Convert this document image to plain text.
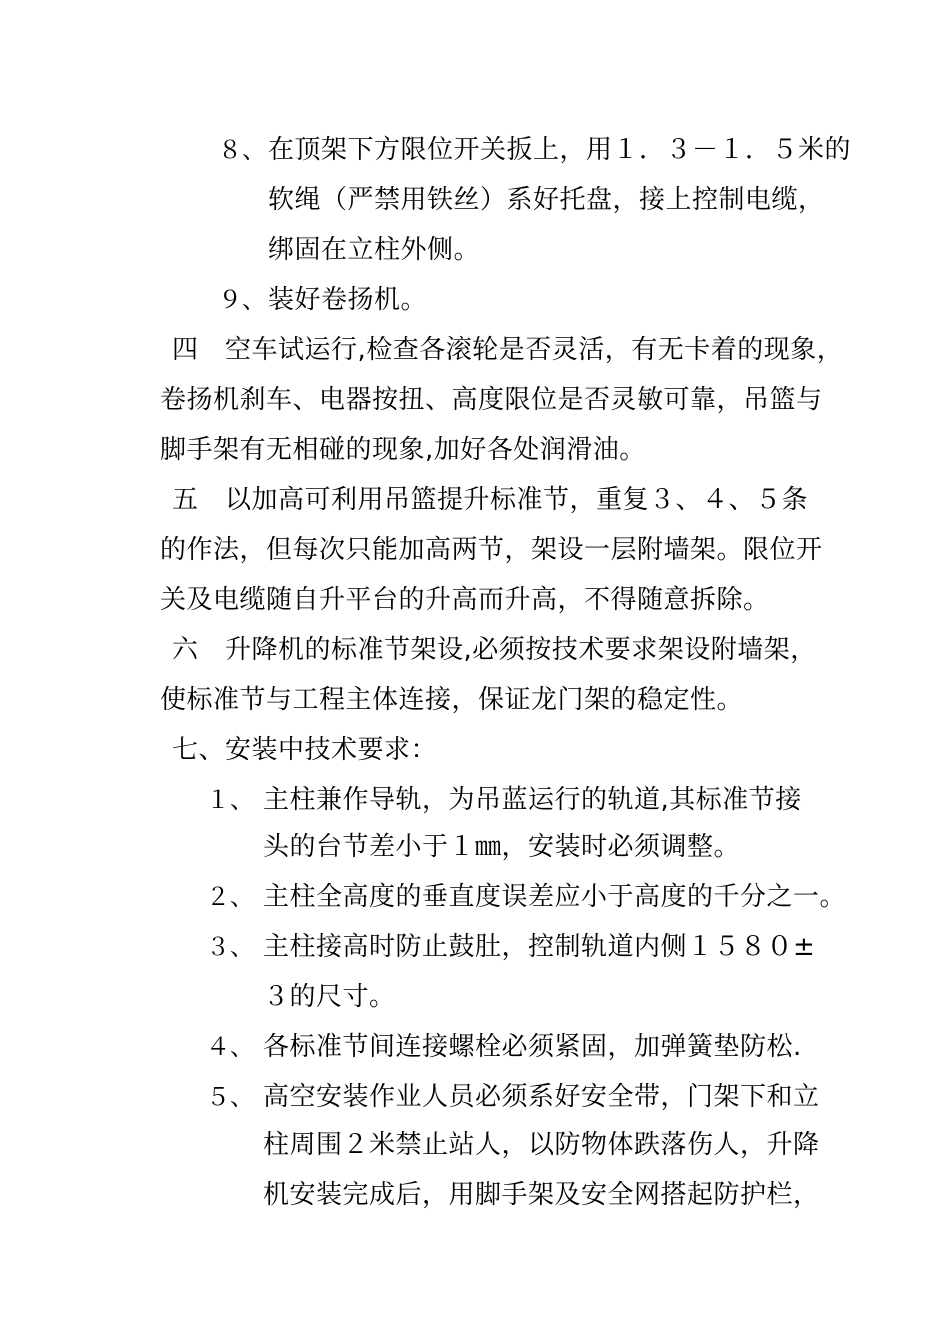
８、 在顶架下方限位开关扳上，用１．３－１．５米的
软绳（严禁用铁丝）系好托盘，接上控制电缆，
绑固在立柱外侧。
９、 装好卷扬机。
四　空车试运行,检查各滚轮是否灵活，有无卡着的现象，
卷扬机刹车、电器按扭、高度限位是否灵敏可靠，吊篮与
脚手架有无相碰的现象,加好各处润滑油。
五　以加高可利用吊篮提升标准节，重复３、４、５条
的作法，但每次只能加高两节，架设一层附墙架。限位开
关及电缆随自升平台的升高而升高，不得随意拆除。
六　升降机的标准节架设,必须按技术要求架设附墙架，
使标准节与工程主体连接，保证龙门架的稳定性。
七、安装中技术要求：
１、 主柱兼作导轨，为吊蓝运行的轨道,其标准节接
头的台节差小于１㎜，安装时必须调整。
２、 主柱全高度的垂直度误差应小于高度的千分之一。
３、 主柱接高时防止鼓肚，控制轨道内侧１５８０±
３的尺寸。
４、 各标准节间连接螺栓必须紧固，加弹簧垫防松.
５、 高空安装作业人员必须系好安全带，门架下和立
柱周围２米禁止站人，以防物体跌落伤人，升降
机安装完成后，用脚手架及安全网搭起防护栏，
